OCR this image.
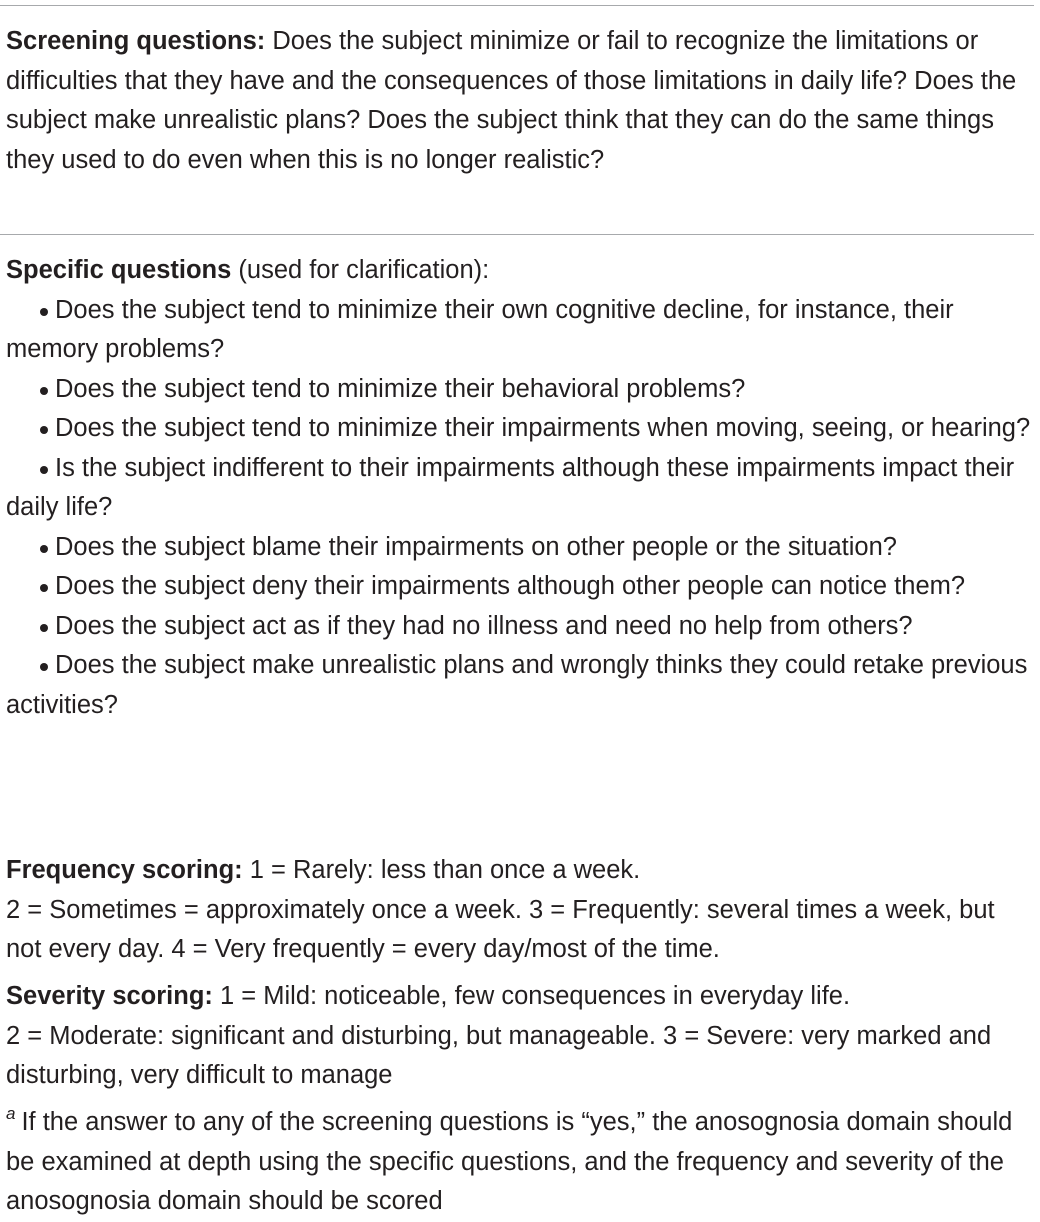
Screening questions: Does the subject minimize or fail to recognize the limitations or difficulties that they have and the consequences of those limitations in daily life? Does the subject make unrealistic plans? Does the subject think that they can do the same things they used to do even when this is no longer realistic?
Specific questions (used for clarification):
Does the subject tend to minimize their own cognitive decline, for instance, their memory problems?
Does the subject tend to minimize their behavioral problems?
Does the subject tend to minimize their impairments when moving, seeing, or hearing?
Is the subject indifferent to their impairments although these impairments impact their daily life?
Does the subject blame their impairments on other people or the situation?
Does the subject deny their impairments although other people can notice them?
Does the subject act as if they had no illness and need no help from others?
Does the subject make unrealistic plans and wrongly thinks they could retake previous activities?
Frequency scoring: 1 = Rarely: less than once a week.
2 = Sometimes = approximately once a week. 3 = Frequently: several times a week, but not every day. 4 = Very frequently = every day/most of the time.
Severity scoring: 1 = Mild: noticeable, few consequences in everyday life.
2 = Moderate: significant and disturbing, but manageable. 3 = Severe: very marked and disturbing, very difficult to manage
$^a$ If the answer to any of the screening questions is “yes,” the anosognosia domain should be examined at depth using the specific questions, and the frequency and severity of the anosognosia domain should be scored
